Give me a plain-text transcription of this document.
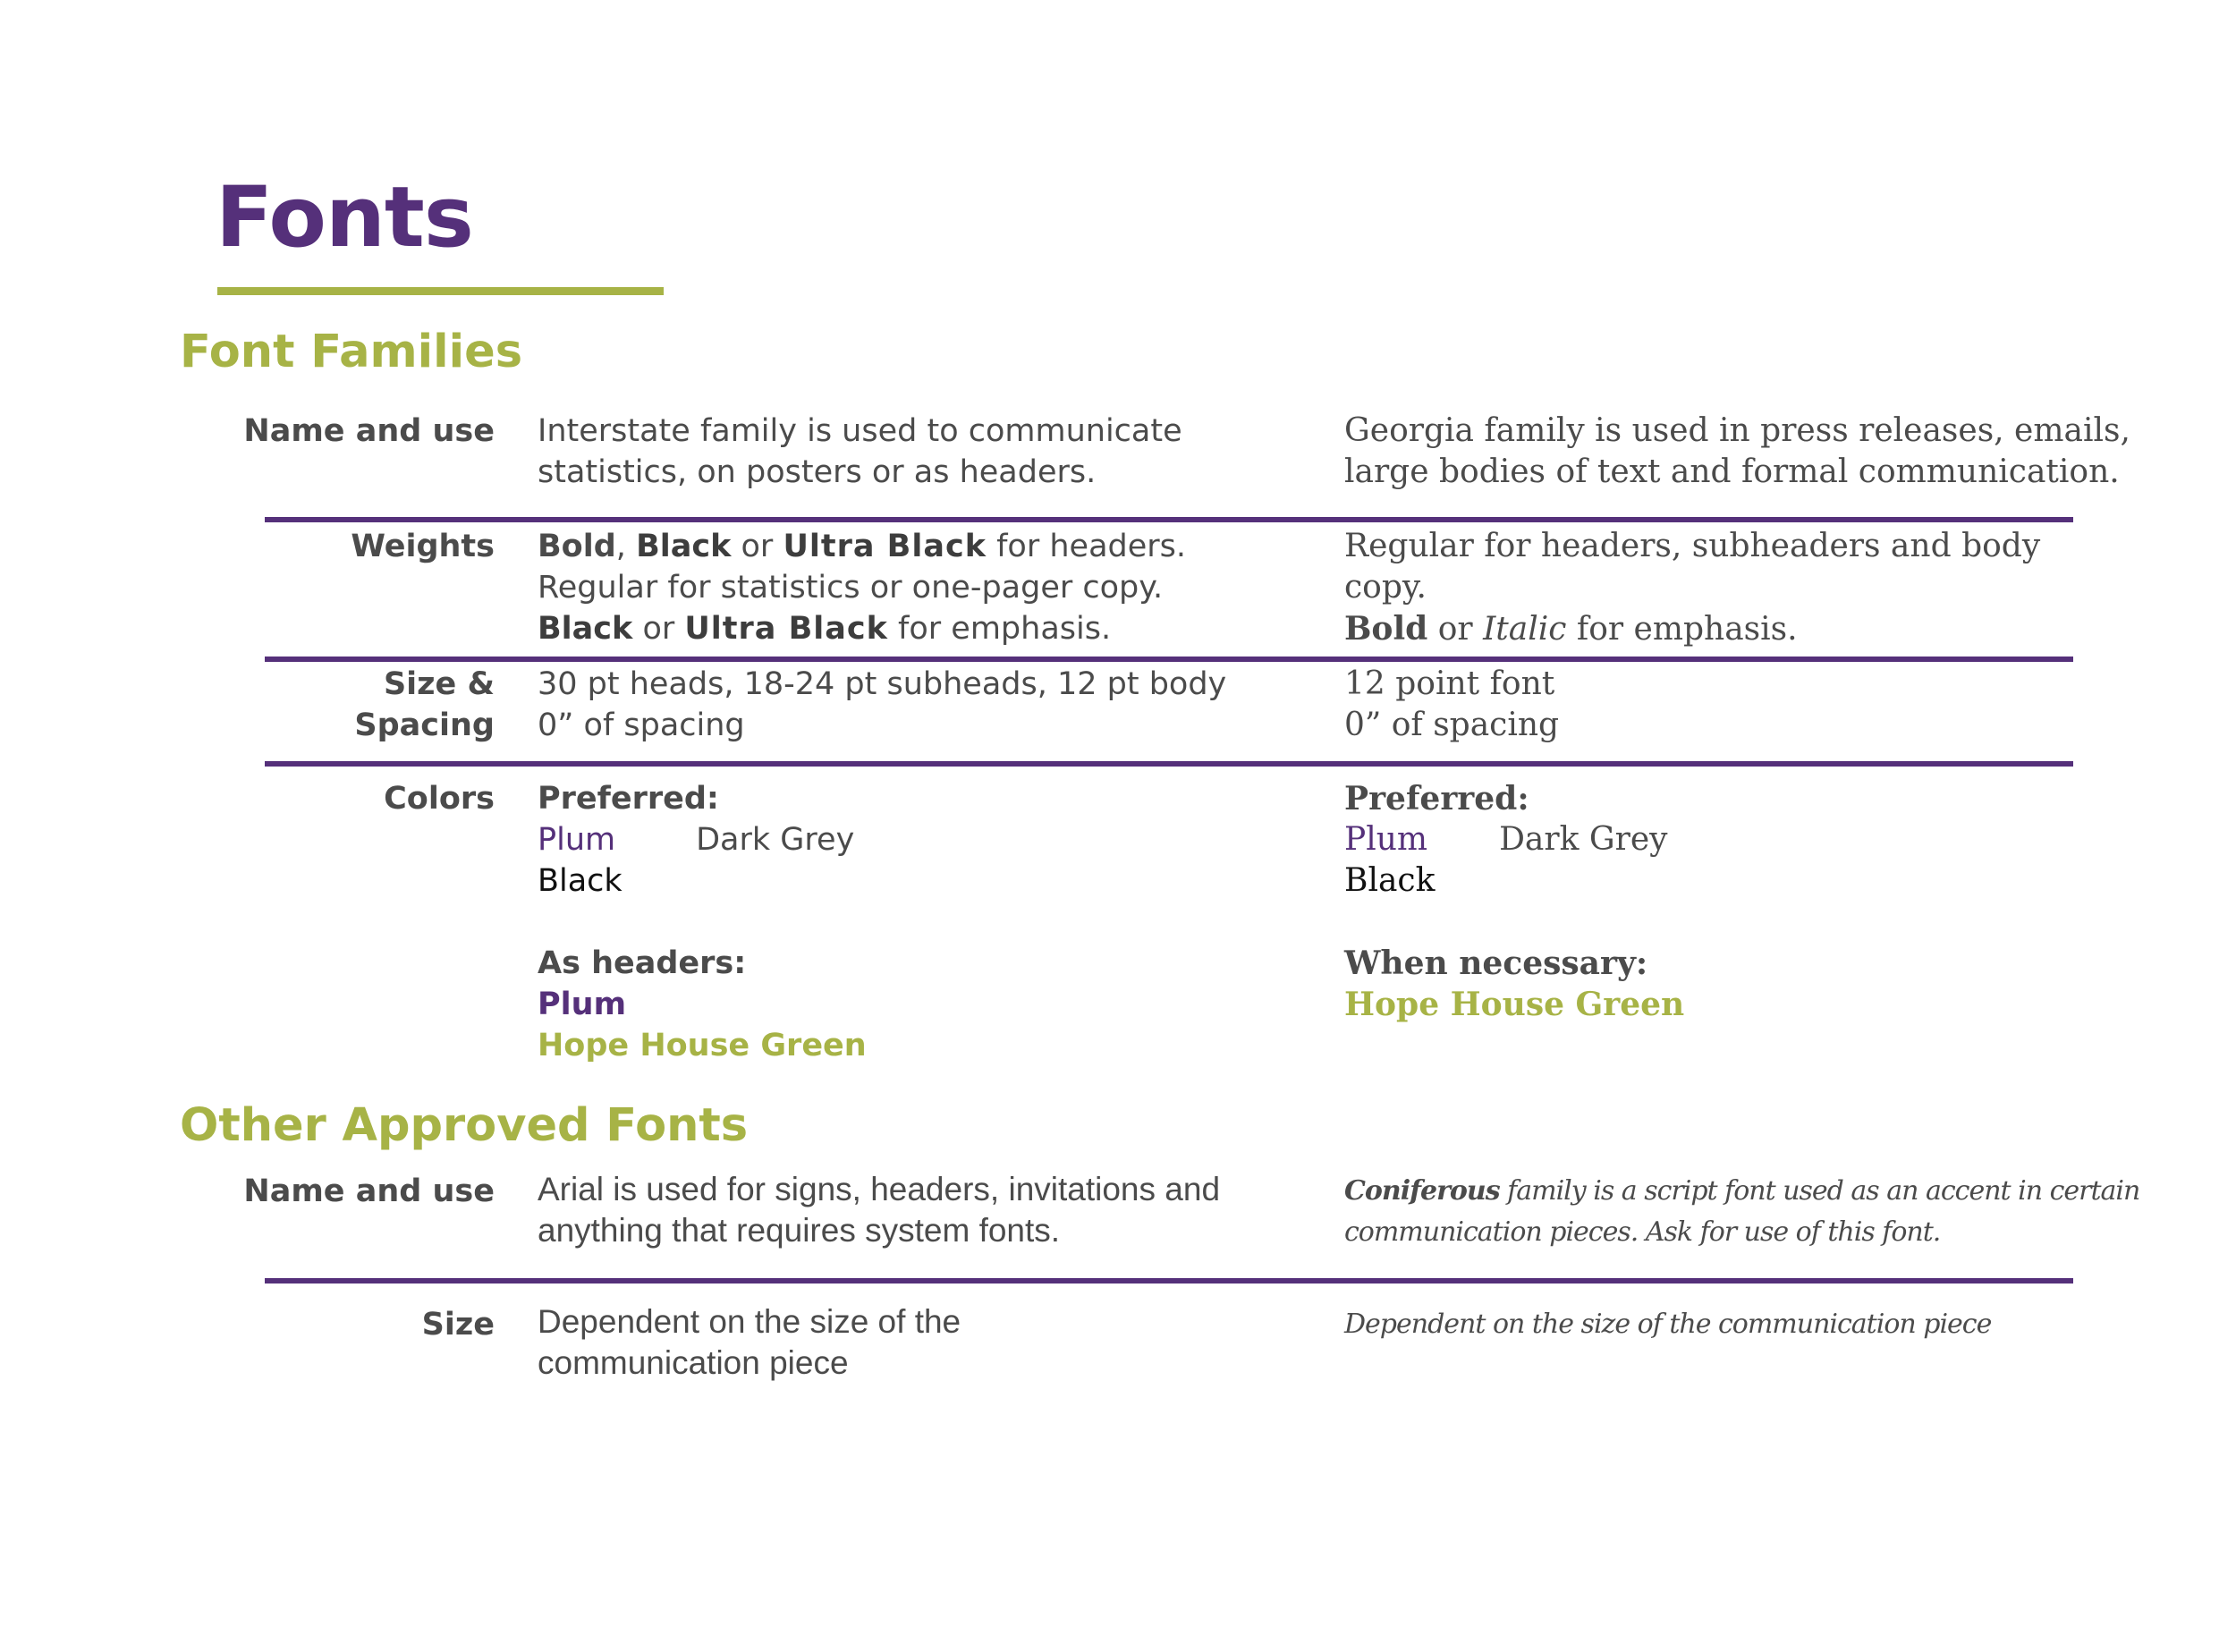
Fonts
Font Families
Name and use Interstate family is used to communicate
statistics, on posters or as headers.
Georgia family is used in press releases, emails,
large bodies of text and formal communication.
Weights Bold, Black or Ultra Black for headers.
Regular for statistics or one-pager copy.
Black or Ultra Black for emphasis.
Regular for headers, subheaders and body
copy.
Bold or Italic for emphasis.
Size &
Spacing
30 pt heads, 18-24 pt subheads, 12 pt body
0” of spacing
12 point font
0” of spacing
Colors Preferred:
Plum	Dark Grey
Black

As headers:
Plum
Hope House Green
Preferred:
Plum Dark Grey
Black

When necessary:
Hope House Green
Other Approved Fonts
Name and use Arial is used for signs, headers, invitations and
anything that requires system fonts.
Coniferous family is a script font used as an accent in certain
communication pieces. Ask for use of this font.
Size Dependent on the size of the
communication piece
Dependent on the size of the communication piece
